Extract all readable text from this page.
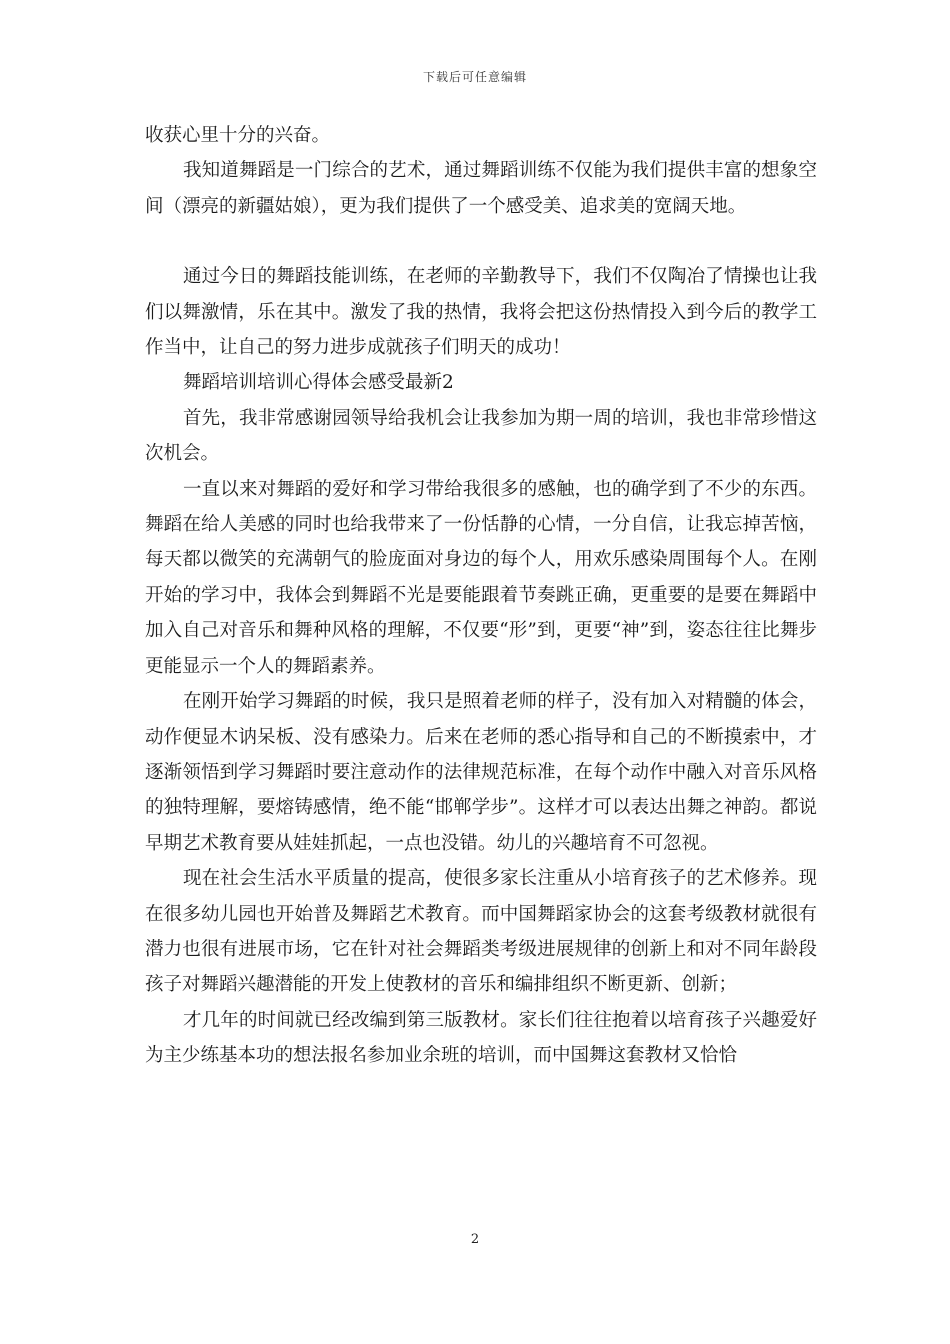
下载后可任意编辑

收获心里十分的兴奋。

我知道舞蹈是一门综合的艺术，通过舞蹈训练不仅能为我们提供丰富的想象空间（漂亮的新疆姑娘），更为我们提供了一个感受美、追求美的宽阔天地。

通过今日的舞蹈技能训练，在老师的辛勤教导下，我们不仅陶冶了情操也让我们以舞激情，乐在其中。激发了我的热情，我将会把这份热情投入到今后的教学工作当中，让自己的努力进步成就孩子们明天的成功！

舞蹈培训培训心得体会感受最新2

首先，我非常感谢园领导给我机会让我参加为期一周的培训，我也非常珍惜这次机会。

一直以来对舞蹈的爱好和学习带给我很多的感触，也的确学到了不少的东西。舞蹈在给人美感的同时也给我带来了一份恬静的心情，一分自信，让我忘掉苦恼，每天都以微笑的充满朝气的脸庞面对身边的每个人，用欢乐感染周围每个人。在刚开始的学习中，我体会到舞蹈不光是要能跟着节奏跳正确，更重要的是要在舞蹈中加入自己对音乐和舞种风格的理解，不仅要“形”到，更要“神”到，姿态往往比舞步更能显示一个人的舞蹈素养。

在刚开始学习舞蹈的时候，我只是照着老师的样子，没有加入对精髓的体会，动作便显木讷呆板、没有感染力。后来在老师的悉心指导和自己的不断摸索中，才逐渐领悟到学习舞蹈时要注意动作的法律规范标准，在每个动作中融入对音乐风格的独特理解，要熔铸感情，绝不能“邯郸学步”。这样才可以表达出舞之神韵。都说早期艺术教育要从娃娃抓起，一点也没错。幼儿的兴趣培育不可忽视。

现在社会生活水平质量的提高，使很多家长注重从小培育孩子的艺术修养。现在很多幼儿园也开始普及舞蹈艺术教育。而中国舞蹈家协会的这套考级教材就很有潜力也很有进展市场，它在针对社会舞蹈类考级进展规律的创新上和对不同年龄段孩子对舞蹈兴趣潜能的开发上使教材的音乐和编排组织不断更新、创新；

才几年的时间就已经改编到第三版教材。家长们往往抱着以培育孩子兴趣爱好为主少练基本功的想法报名参加业余班的培训，而中国舞这套教材又恰恰

2
